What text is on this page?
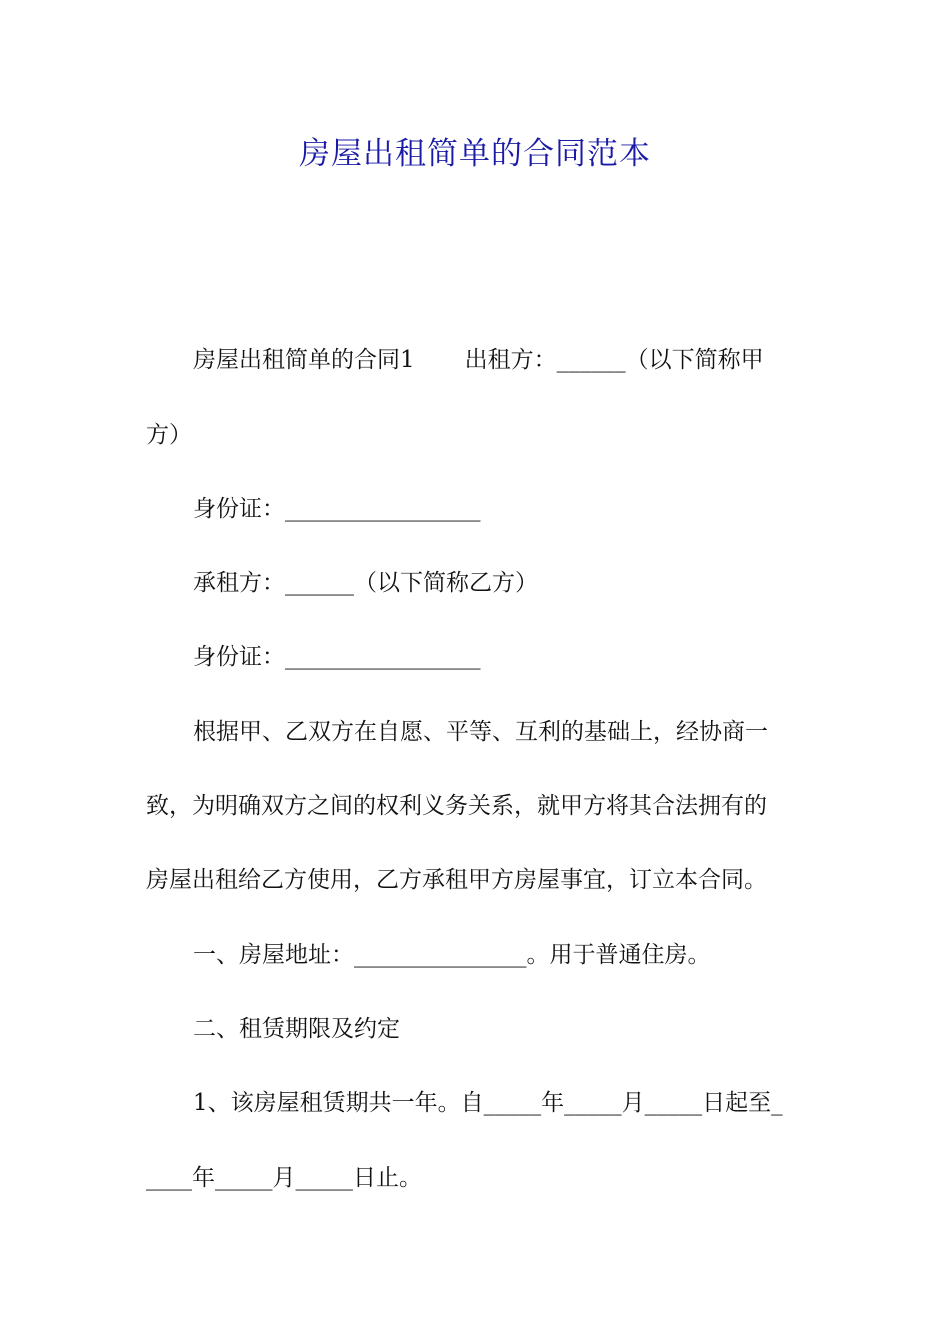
房屋出租简单的合同范本
房屋出租简单的合同1 出租方：______（以下简称甲
方）
身份证：_________________
承租方：______（以下简称乙方）
身份证：_________________
根据甲、乙双方在自愿、平等、互利的基础上，经协商一
致，为明确双方之间的权利义务关系，就甲方将其合法拥有的
房屋出租给乙方使用，乙方承租甲方房屋事宜，订立本合同。
一、房屋地址：_______________。用于普通住房。
二、租赁期限及约定
1、该房屋租赁期共一年。自_____年_____月_____日起至_
____年_____月_____日止。
